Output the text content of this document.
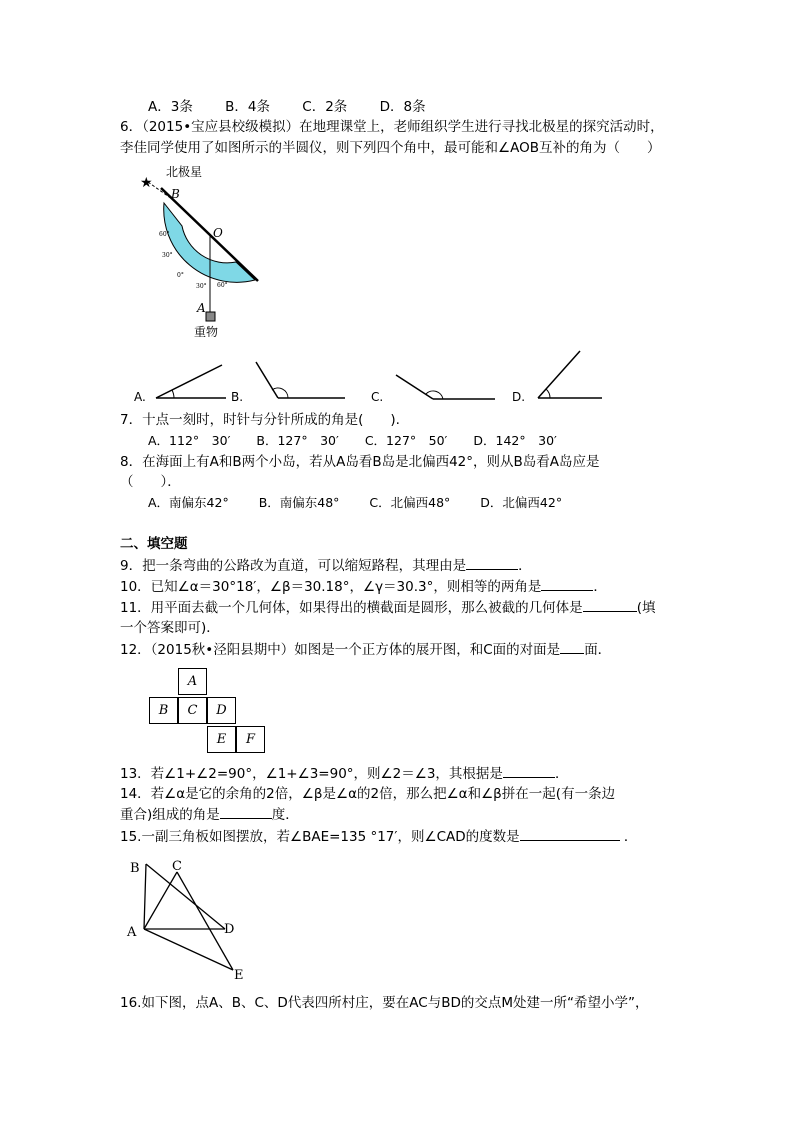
A．3条 B．4条 C．2条 D．8条
6．（2015•宝应县校级模拟）在地理课堂上，老师组织学生进行寻找北极星的探究活动时，
李佳同学使用了如图所示的半圆仪，则下列四个角中，最可能和∠AOB互补的角为（　　）
★
60°
30°
0°
30° 60°
B
O
A
北极星
重物
A.	B.	C.	D.
7．十点一刻时，时针与分针所成的角是(　　).
A．112°　30′ B．127°　30′ C．127°　50′ D．142°　30′
8．在海面上有A和B两个小岛，若从A岛看B岛是北偏西42°，则从B岛看A岛应是
（　　）．
A．南偏东42° B．南偏东48° C．北偏西48° D．北偏西42°
二、填空题
9．把一条弯曲的公路改为直道，可以缩短路程，其理由是	．
10．已知∠α＝30°18′，∠β＝30.18°，∠γ＝30.3°，则相等的两角是	．
11．用平面去截一个几何体，如果得出的横截面是圆形，那么被截的几何体是	(填
一个答案即可)．
12．（2015秋•泾阳县期中）如图是一个正方体的展开图，和C面的对面是 面．
A
B	C	D
E	F
13．若∠1+∠2=90°，∠1+∠3=90°，则∠2＝∠3，其根据是	．
14．若∠α是它的余角的2倍，∠β是∠α的2倍，那么把∠α和∠β拼在一起(有一条边
重合)组成的角是	度．
15.一副三角板如图摆放，若∠BAE=135 °17′，则∠CAD的度数是	．
B C
A	D
E
16.如下图，点A、B、C、D代表四所村庄，要在AC与BD的交点M处建一所“希望小学”，
